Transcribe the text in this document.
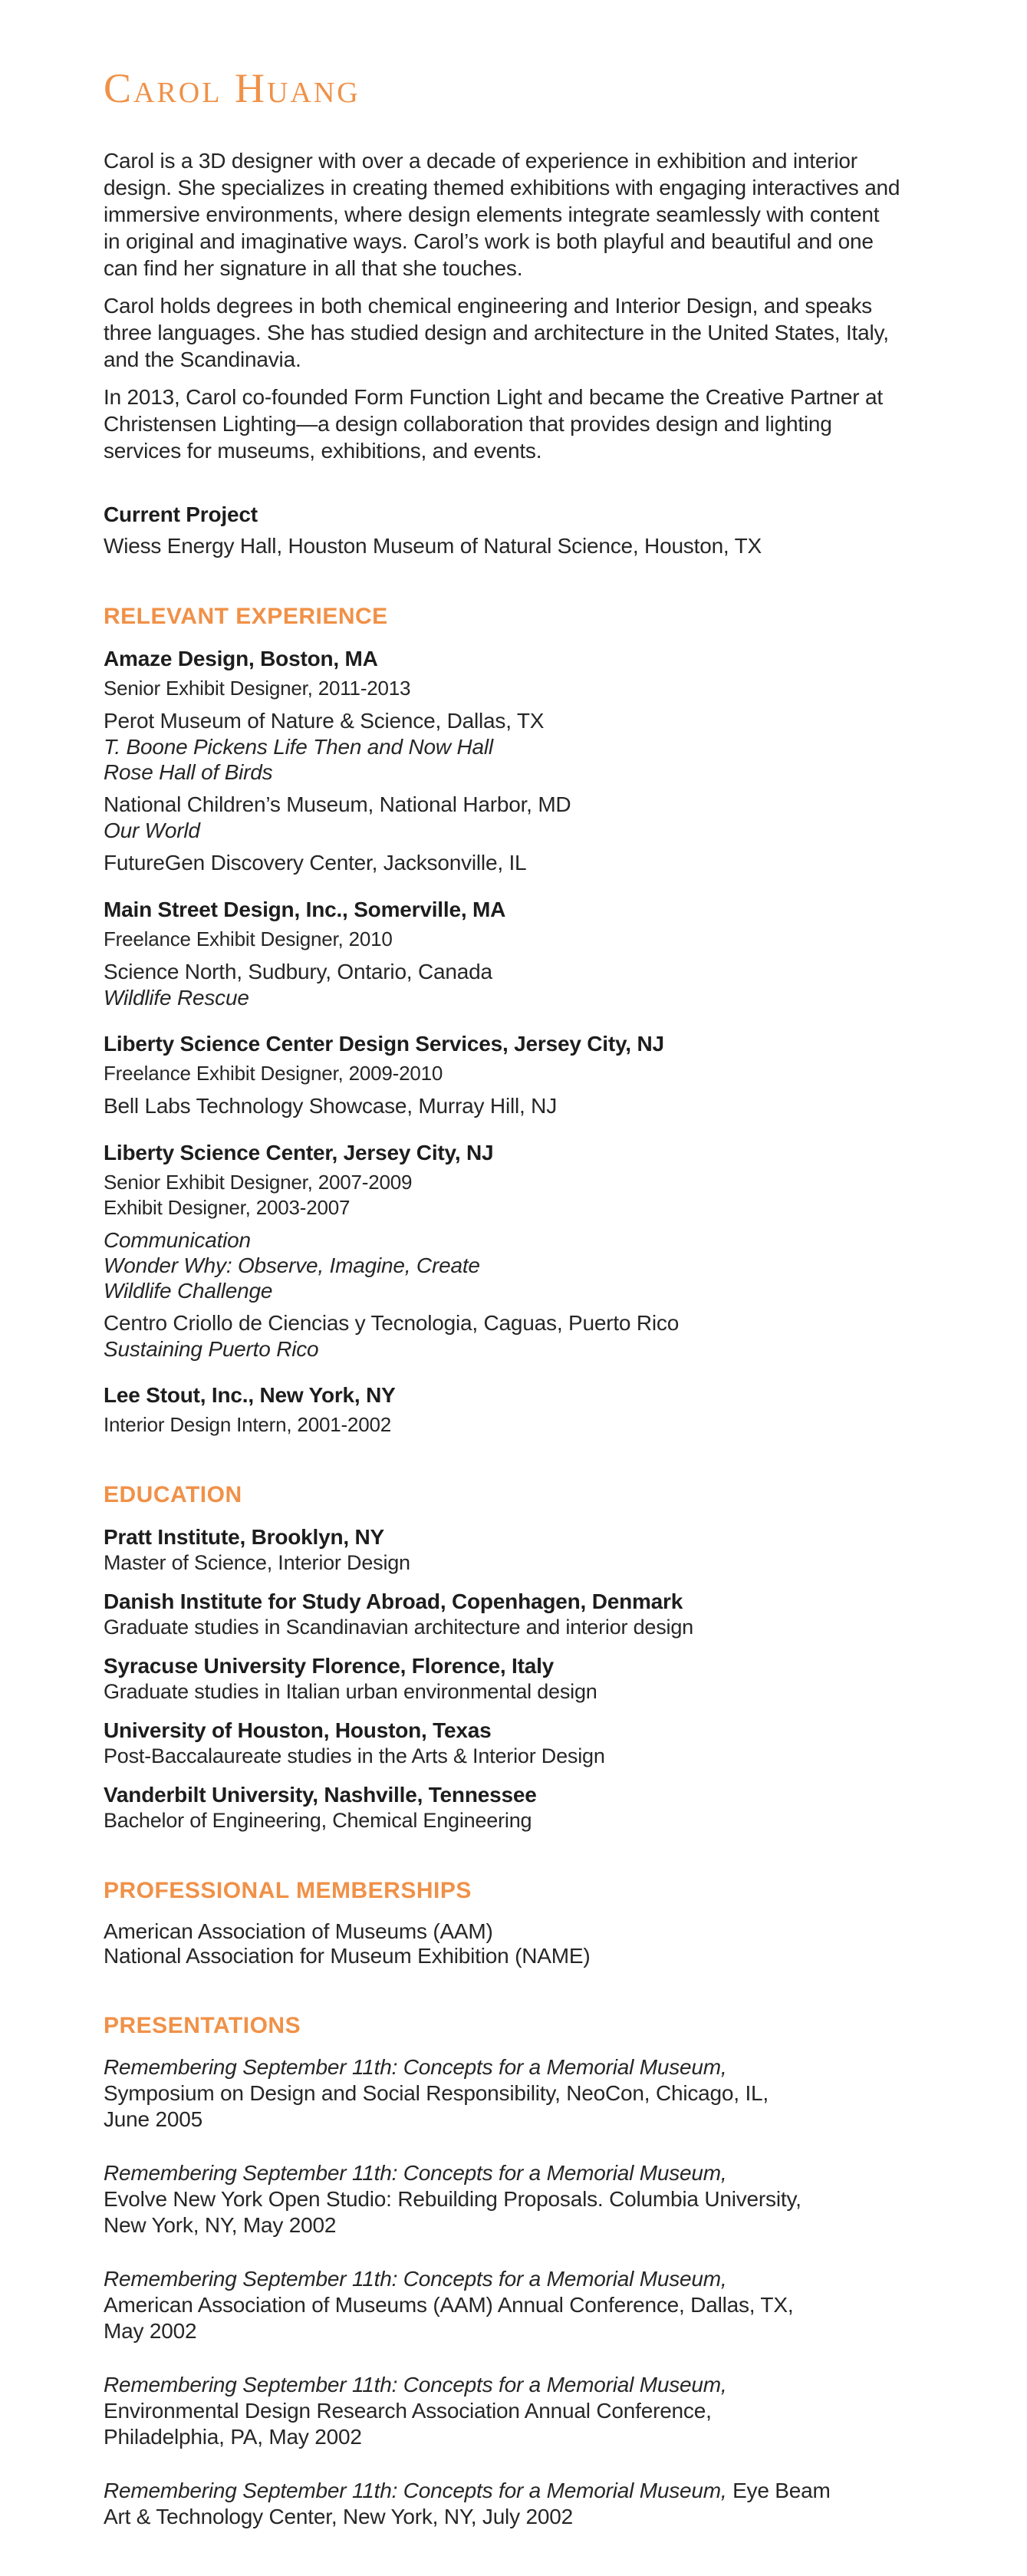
Carol Huang

Carol is a 3D designer with over a decade of experience in exhibition and interior design. She specializes in creating themed exhibitions with engaging interactives and immersive environments, where design elements integrate seamlessly with content in original and imaginative ways. Carol’s work is both playful and beautiful and one can find her signature in all that she touches.

Carol holds degrees in both chemical engineering and Interior Design, and speaks three languages. She has studied design and architecture in the United States, Italy, and the Scandinavia.

In 2013, Carol co-founded Form Function Light and became the Creative Partner at Christensen Lighting—a design collaboration that provides design and lighting services for museums, exhibitions, and events.

Current Project

Wiess Energy Hall, Houston Museum of Natural Science, Houston, TX

RELEVANT EXPERIENCE

Amaze Design, Boston, MA

Senior Exhibit Designer, 2011-2013

Perot Museum of Nature & Science, Dallas, TX

T. Boone Pickens Life Then and Now Hall

Rose Hall of Birds

National Children’s Museum, National Harbor, MD

Our World

FutureGen Discovery Center, Jacksonville, IL

Main Street Design, Inc., Somerville, MA

Freelance Exhibit Designer, 2010

Science North, Sudbury, Ontario, Canada

Wildlife Rescue

Liberty Science Center Design Services, Jersey City, NJ

Freelance Exhibit Designer, 2009-2010

Bell Labs Technology Showcase, Murray Hill, NJ

Liberty Science Center, Jersey City, NJ

Senior Exhibit Designer, 2007-2009

Exhibit Designer, 2003-2007

Communication

Wonder Why: Observe, Imagine, Create

Wildlife Challenge

Centro Criollo de Ciencias y Tecnologia, Caguas, Puerto Rico

Sustaining Puerto Rico

Lee Stout, Inc., New York, NY

Interior Design Intern, 2001-2002

EDUCATION

Pratt Institute, Brooklyn, NY

Master of Science, Interior Design

Danish Institute for Study Abroad, Copenhagen, Denmark

Graduate studies in Scandinavian architecture and interior design

Syracuse University Florence, Florence, Italy

Graduate studies in Italian urban environmental design

University of Houston, Houston, Texas

Post-Baccalaureate studies in the Arts & Interior Design

Vanderbilt University, Nashville, Tennessee

Bachelor of Engineering, Chemical Engineering

PROFESSIONAL MEMBERSHIPS

American Association of Museums (AAM)

National Association for Museum Exhibition (NAME)

PRESENTATIONS

Remembering September 11th: Concepts for a Memorial Museum,

Symposium on Design and Social Responsibility, NeoCon, Chicago, IL,

June 2005

Remembering September 11th: Concepts for a Memorial Museum,

Evolve New York Open Studio: Rebuilding Proposals. Columbia University,

New York, NY, May 2002

Remembering September 11th: Concepts for a Memorial Museum,

American Association of Museums (AAM) Annual Conference, Dallas, TX,

May 2002

Remembering September 11th: Concepts for a Memorial Museum,

Environmental Design Research Association Annual Conference,

Philadelphia, PA, May 2002

Remembering September 11th: Concepts for a Memorial Museum, Eye Beam

Art & Technology Center, New York, NY, July 2002
